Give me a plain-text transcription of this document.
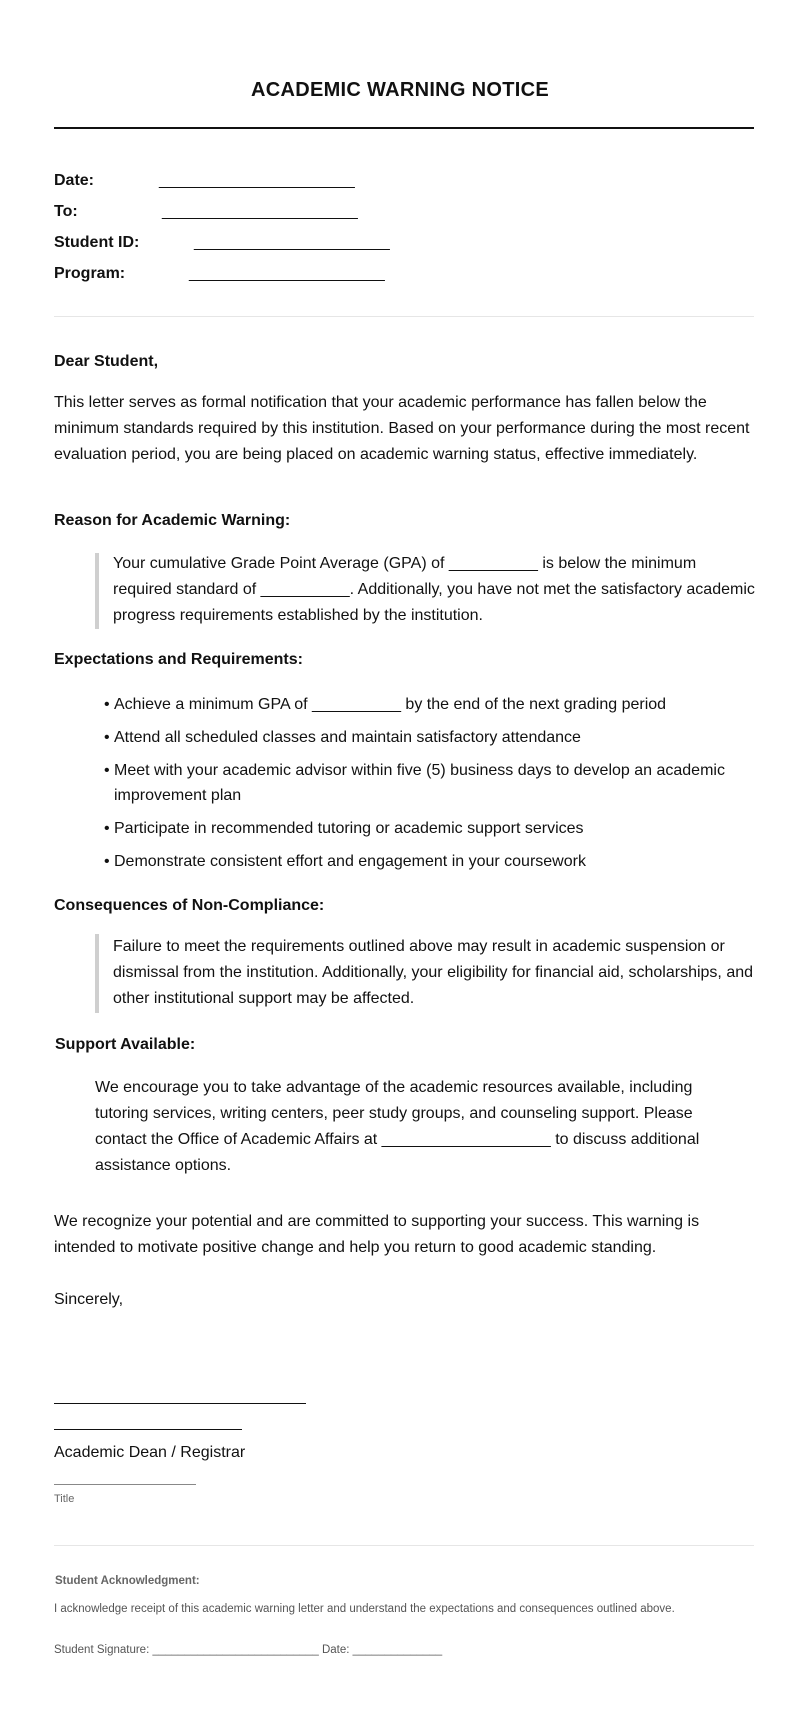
ACADEMIC WARNING NOTICE
Date:	______________________
To:	______________________
Student ID:	______________________
Program:	______________________
Dear Student,
This letter serves as formal notification that your academic performance has fallen below the minimum standards required by this institution. Based on your performance during the most recent evaluation period, you are being placed on academic warning status, effective immediately.
Reason for Academic Warning:
Your cumulative Grade Point Average (GPA) of __________ is below the minimum required standard of __________. Additionally, you have not met the satisfactory academic progress requirements established by the institution.
Expectations and Requirements:
• Achieve a minimum GPA of __________ by the end of the next grading period
• Attend all scheduled classes and maintain satisfactory attendance
• Meet with your academic advisor within five (5) business days to develop an academic improvement plan
• Participate in recommended tutoring or academic support services
• Demonstrate consistent effort and engagement in your coursework
Consequences of Non-Compliance:
Failure to meet the requirements outlined above may result in academic suspension or dismissal from the institution. Additionally, your eligibility for financial aid, scholarships, and other institutional support may be affected.
Support Available:
We encourage you to take advantage of the academic resources available, including tutoring services, writing centers, peer study groups, and counseling support. Please contact the Office of Academic Affairs at ___________________ to discuss additional assistance options.
We recognize your potential and are committed to supporting your success. This warning is intended to motivate positive change and help you return to good academic standing.
Sincerely,
Academic Dean / Registrar
Title
Student Acknowledgment:
I acknowledge receipt of this academic warning letter and understand the expectations and consequences outlined above.
Student Signature: __________________________ Date: ______________
